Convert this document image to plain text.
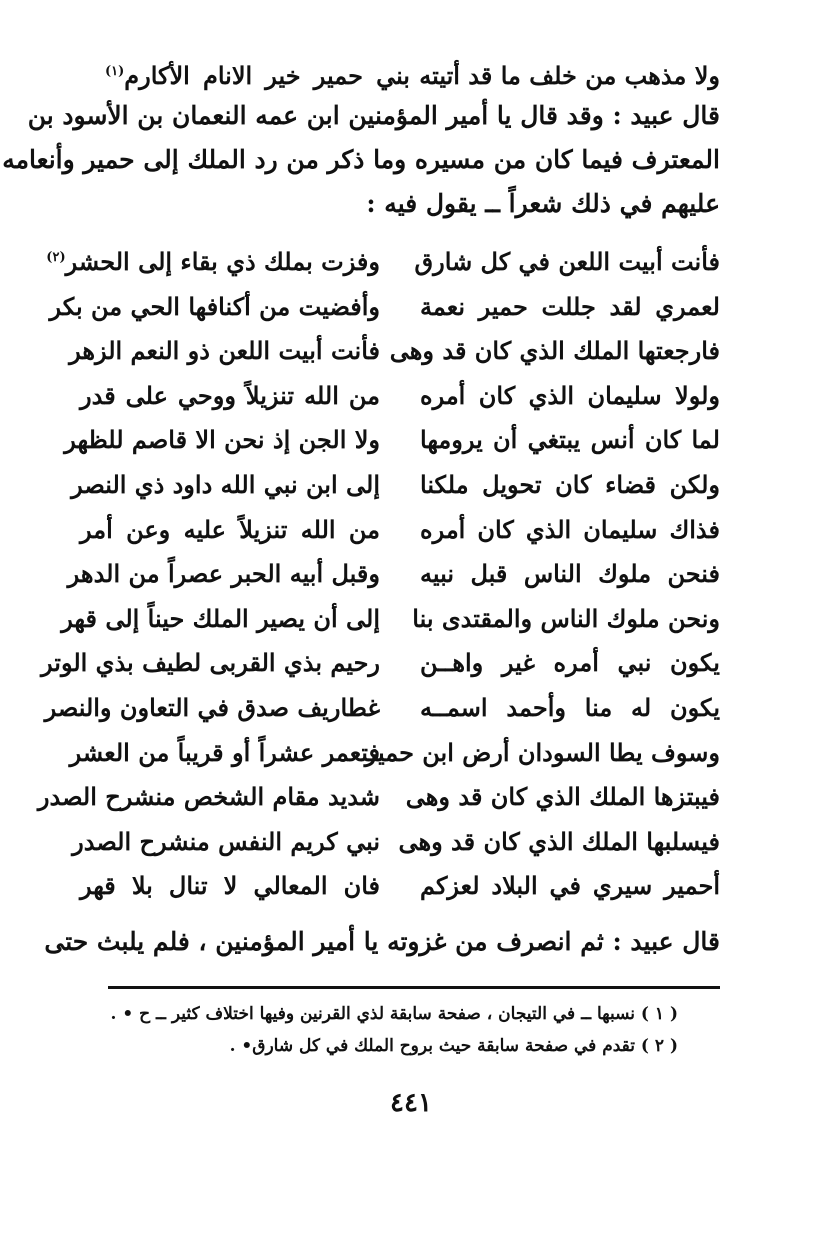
ولا مذهب من خلف ما قد أتيته
بني حمير خير الانام الأكارم$^{(١)}$
قال عبيد : وقد قال يا أمير المؤمنين ابن عمه النعمان بن الأسود بن
المعترف فيما كان من مسيره وما ذكر من رد الملك إلى حمير وأنعامه
عليهم في ذلك شعراً ــ يقول فيه :
فأنت أبيت اللعن في كل شارق
وفزت بملك ذي بقاء إلى الحشر$^{(٢)}$
لعمري لقد جللت حمير نعمة
وأفضيت من أكنافها الحي من بكر
فارجعتها الملك الذي كان قد وهى
فأنت أبيت اللعن ذو النعم الزهر
ولولا سليمان الذي كان أمره
من الله تنزيلاً ووحي على قدر
لما كان أنس يبتغي أن يرومها
ولا الجن إذ نحن الا قاصم للظهر
ولكن قضاء كان تحويل ملكنا
إلى ابن نبي الله داود ذي النصر
فذاك سليمان الذي كان أمره
من الله تنزيلاً عليه وعن أمر
فنحن ملوك الناس قبل نبيه
وقبل أبيه الحبر عصراً من الدهر
ونحن ملوك الناس والمقتدى بنا
إلى أن يصير الملك حيناً إلى قهر
يكون نبي أمره غير واهــن
رحيم بذي القربى لطيف بذي الوتر
يكون له منا وأحمد اسمــه
غطاريف صدق في التعاون والنصر
وسوف يطا السودان أرض ابن حمير
فتعمر عشراً أو قريباً من العشر
فيبتزها الملك الذي كان قد وهى
شديد مقام الشخص منشرح الصدر
فيسلبها الملك الذي كان قد وهى
نبي كريم النفس منشرح الصدر
أحمير سيري في البلاد لعزكم
فان المعالي لا تنال بلا قهر
قال عبيد : ثم انصرف من غزوته يا أمير المؤمنين ، فلم يلبث حتى
( ١ ) نسبها ــ في التيجان ، صفحة سابقة لذي القرنين وفيها اختلاف كثير ــ ح • .
( ٢ ) تقدم في صفحة سابقة حيث بروح الملك في كل شارق• .
٤٤١
